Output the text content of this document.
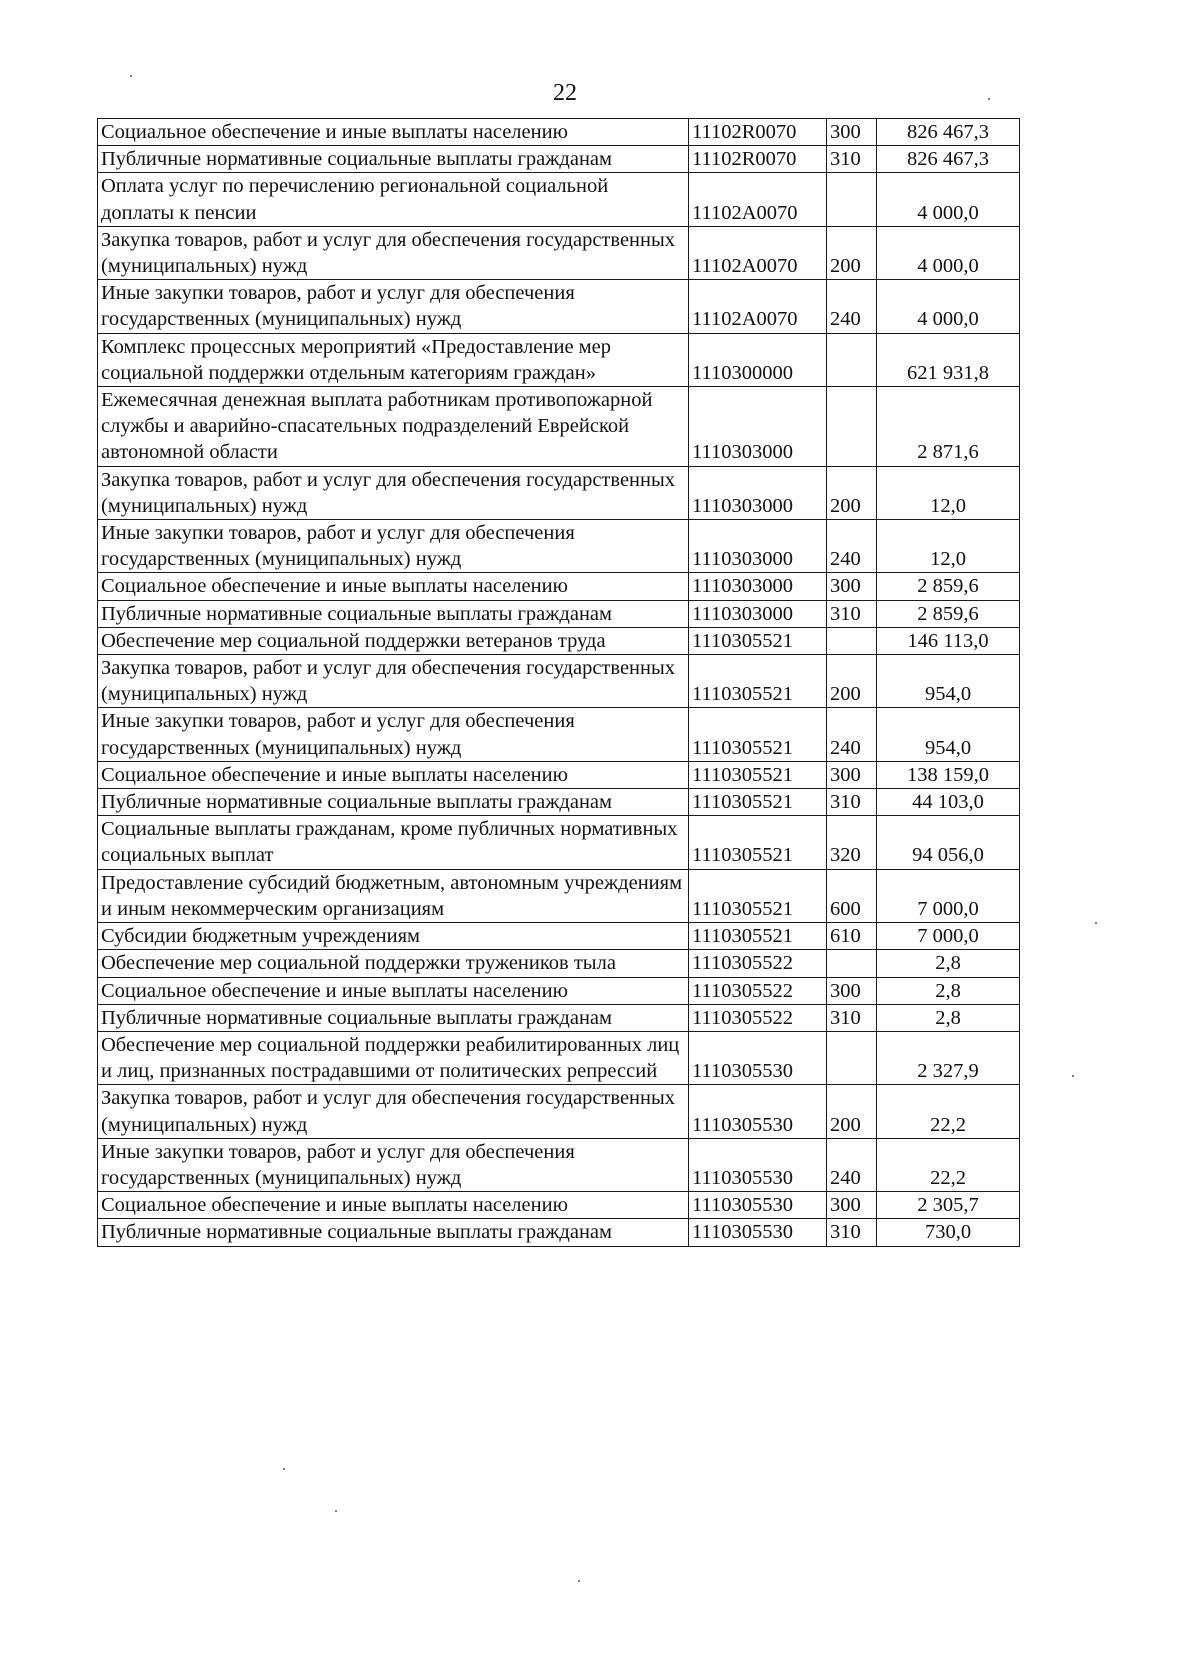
22
Социальное обеспечение и иные выплаты населению	11102R0070	300	826 467,3
Публичные нормативные социальные выплаты гражданам	11102R0070	310	826 467,3
Оплата услуг по перечислению региональной социальной доплаты к пенсии	11102A0070		4 000,0
Закупка товаров, работ и услуг для обеспечения государственных (муниципальных) нужд	11102A0070	200	4 000,0
Иные закупки товаров, работ и услуг для обеспечения государственных (муниципальных) нужд	11102A0070	240	4 000,0
Комплекс процессных мероприятий «Предоставление мер социальной поддержки отдельным категориям граждан»	1110300000		621 931,8
Ежемесячная денежная выплата работникам противопожарной службы и аварийно-спасательных подразделений Еврейской автономной области	1110303000		2 871,6
Закупка товаров, работ и услуг для обеспечения государственных (муниципальных) нужд	1110303000	200	12,0
Иные закупки товаров, работ и услуг для обеспечения государственных (муниципальных) нужд	1110303000	240	12,0
Социальное обеспечение и иные выплаты населению	1110303000	300	2 859,6
Публичные нормативные социальные выплаты гражданам	1110303000	310	2 859,6
Обеспечение мер социальной поддержки ветеранов труда	1110305521		146 113,0
Закупка товаров, работ и услуг для обеспечения государственных (муниципальных) нужд	1110305521	200	954,0
Иные закупки товаров, работ и услуг для обеспечения государственных (муниципальных) нужд	1110305521	240	954,0
Социальное обеспечение и иные выплаты населению	1110305521	300	138 159,0
Публичные нормативные социальные выплаты гражданам	1110305521	310	44 103,0
Социальные выплаты гражданам, кроме публичных нормативных социальных выплат	1110305521	320	94 056,0
Предоставление субсидий бюджетным, автономным учреждениям и иным некоммерческим организациям	1110305521	600	7 000,0
Субсидии бюджетным учреждениям	1110305521	610	7 000,0
Обеспечение мер социальной поддержки тружеников тыла	1110305522		2,8
Социальное обеспечение и иные выплаты населению	1110305522	300	2,8
Публичные нормативные социальные выплаты гражданам	1110305522	310	2,8
Обеспечение мер социальной поддержки реабилитированных лиц и лиц, признанных пострадавшими от политических репрессий	1110305530		2 327,9
Закупка товаров, работ и услуг для обеспечения государственных (муниципальных) нужд	1110305530	200	22,2
Иные закупки товаров, работ и услуг для обеспечения государственных (муниципальных) нужд	1110305530	240	22,2
Социальное обеспечение и иные выплаты населению	1110305530	300	2 305,7
Публичные нормативные социальные выплаты гражданам	1110305530	310	730,0
